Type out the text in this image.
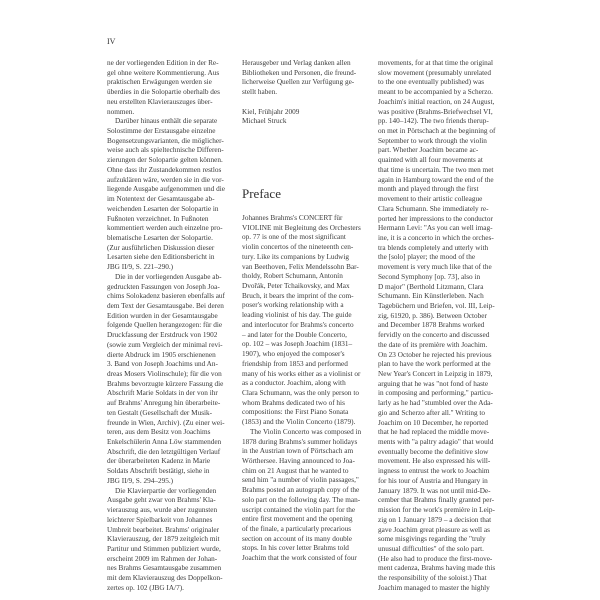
IV
ne der vorliegenden Edition in der Re-
gel ohne weitere Kommentierung. Aus
praktischen Erwägungen werden sie
überdies in die Solopartie oberhalb des
neu erstellten Klavierauszuges über-
nommen.
Darüber hinaus enthält die separate
Solostimme der Erstausgabe einzelne
Bogensetzungsvarianten, die möglicher-
weise auch als spieltechnische Differen-
zierungen der Solopartie gelten können.
Ohne dass ihr Zustandekommen restlos
aufzuklären wäre, werden sie in die vor-
liegende Ausgabe aufgenommen und die
im Notentext der Gesamtausgabe ab-
weichenden Lesarten der Solopartie in
Fußnoten verzeichnet. In Fußnoten
kommentiert werden auch einzelne pro-
blematische Lesarten der Solopartie.
(Zur ausführlichen Diskussion dieser
Lesarten siehe den Editionsbericht in
JBG II/9, S. 221–290.)
Die in der vorliegenden Ausgabe ab-
gedruckten Fassungen von Joseph Joa-
chims Solokadenz basieren ebenfalls auf
dem Text der Gesamtausgabe. Bei deren
Edition wurden in der Gesamtausgabe
folgende Quellen herangezogen: für die
Druckfassung der Erstdruck von 1902
(sowie zum Vergleich der minimal revi-
dierte Abdruck im 1905 erschienenen
3. Band von Joseph Joachims und An-
dreas Mosers Violinschule); für die von
Brahms bevorzugte kürzere Fassung die
Abschrift Marie Soldats in der von ihr
auf Brahms' Anregung hin überarbeite-
ten Gestalt (Gesellschaft der Musik-
freunde in Wien, Archiv). (Zu einer wei-
teren, aus dem Besitz von Joachims
Enkelschülerin Anna Löw stammenden
Abschrift, die den letztgültigen Verlauf
der überarbeiteten Kadenz in Marie
Soldats Abschrift bestätigt, siehe in
JBG II/9, S. 294–295.)
Die Klavierpartie der vorliegenden
Ausgabe geht zwar von Brahms' Kla-
vierauszug aus, wurde aber zugunsten
leichterer Spielbarkeit von Johannes
Umbreit bearbeitet. Brahms' originaler
Klavierauszug, der 1879 zeitgleich mit
Partitur und Stimmen publiziert wurde,
erscheint 2009 im Rahmen der Johan-
nes Brahms Gesamtausgabe zusammen
mit dem Klavierauszug des Doppelkon-
zertes op. 102 (JBG IA/7).
Herausgeber und Verlag danken allen
Bibliotheken und Personen, die freund-
licherweise Quellen zur Verfügung ge-
stellt haben.
Kiel, Frühjahr 2009
Michael Struck
Preface
Johannes Brahms's CONCERT für
VIOLINE mit Begleitung des Orchesters
op. 77 is one of the most significant
violin concertos of the nineteenth cen-
tury. Like its companions by Ludwig
van Beethoven, Felix Mendelssohn Bar-
tholdy, Robert Schumann, Antonín
Dvořák, Peter Tchaikovsky, and Max
Bruch, it bears the imprint of the com-
poser's working relationship with a
leading violinist of his day. The guide
and interlocutor for Brahms's concerto
– and later for the Double Concerto,
op. 102 – was Joseph Joachim (1831–
1907), who enjoyed the composer's
friendship from 1853 and performed
many of his works either as a violinist or
as a conductor. Joachim, along with
Clara Schumann, was the only person to
whom Brahms dedicated two of his
compositions: the First Piano Sonata
(1853) and the Violin Concerto (1879).
The Violin Concerto was composed in
1878 during Brahms's summer holidays
in the Austrian town of Pörtschach am
Wörthersee. Having announced to Joa-
chim on 21 August that he wanted to
send him "a number of violin passages,"
Brahms posted an autograph copy of the
solo part on the following day. The man-
uscript contained the violin part for the
entire first movement and the opening
of the finale, a particularly precarious
section on account of its many double
stops. In his cover letter Brahms told
Joachim that the work consisted of four
movements, for at that time the original
slow movement (presumably unrelated
to the one eventually published) was
meant to be accompanied by a Scherzo.
Joachim's initial reaction, on 24 August,
was positive (Brahms-Briefwechsel VI,
pp. 140–142). The two friends therup-
on met in Pörtschach at the beginning of
September to work through the violin
part. Whether Joachim became ac-
quainted with all four movements at
that time is uncertain. The two men met
again in Hamburg toward the end of the
month and played through the first
movement to their artistic colleague
Clara Schumann. She immediately re-
ported her impressions to the conductor
Hermann Levi: "As you can well imag-
ine, it is a concerto in which the orches-
tra blends completely and utterly with
the [solo] player; the mood of the
movement is very much like that of the
Second Symphony [op. 73], also in
D major" (Berthold Litzmann, Clara
Schumann. Ein Künstlerleben. Nach
Tagebüchern und Briefen, vol. III, Leip-
zig, 61920, p. 386). Between October
and December 1878 Brahms worked
fervidly on the concerto and discussed
the date of its première with Joachim.
On 23 October he rejected his previous
plan to have the work performed at the
New Year's Concert in Leipzig in 1879,
arguing that he was "not fond of haste
in composing and performing," particu-
larly as he had "stumbled over the Ada-
gio and Scherzo after all." Writing to
Joachim on 10 December, he reported
that he had replaced the middle move-
ments with "a paltry adagio" that would
eventually become the definitive slow
movement. He also expressed his will-
ingness to entrust the work to Joachim
for his tour of Austria and Hungary in
January 1879. It was not until mid-De-
cember that Brahms finally granted per-
mission for the work's première in Leip-
zig on 1 January 1879 – a decision that
gave Joachim great pleasure as well as
some misgivings regarding the "truly
unusual difficulties" of the solo part.
(He also had to produce the first-move-
ment cadenza, Brahms having made this
the responsibility of the soloist.) That
Joachim managed to master the highly
